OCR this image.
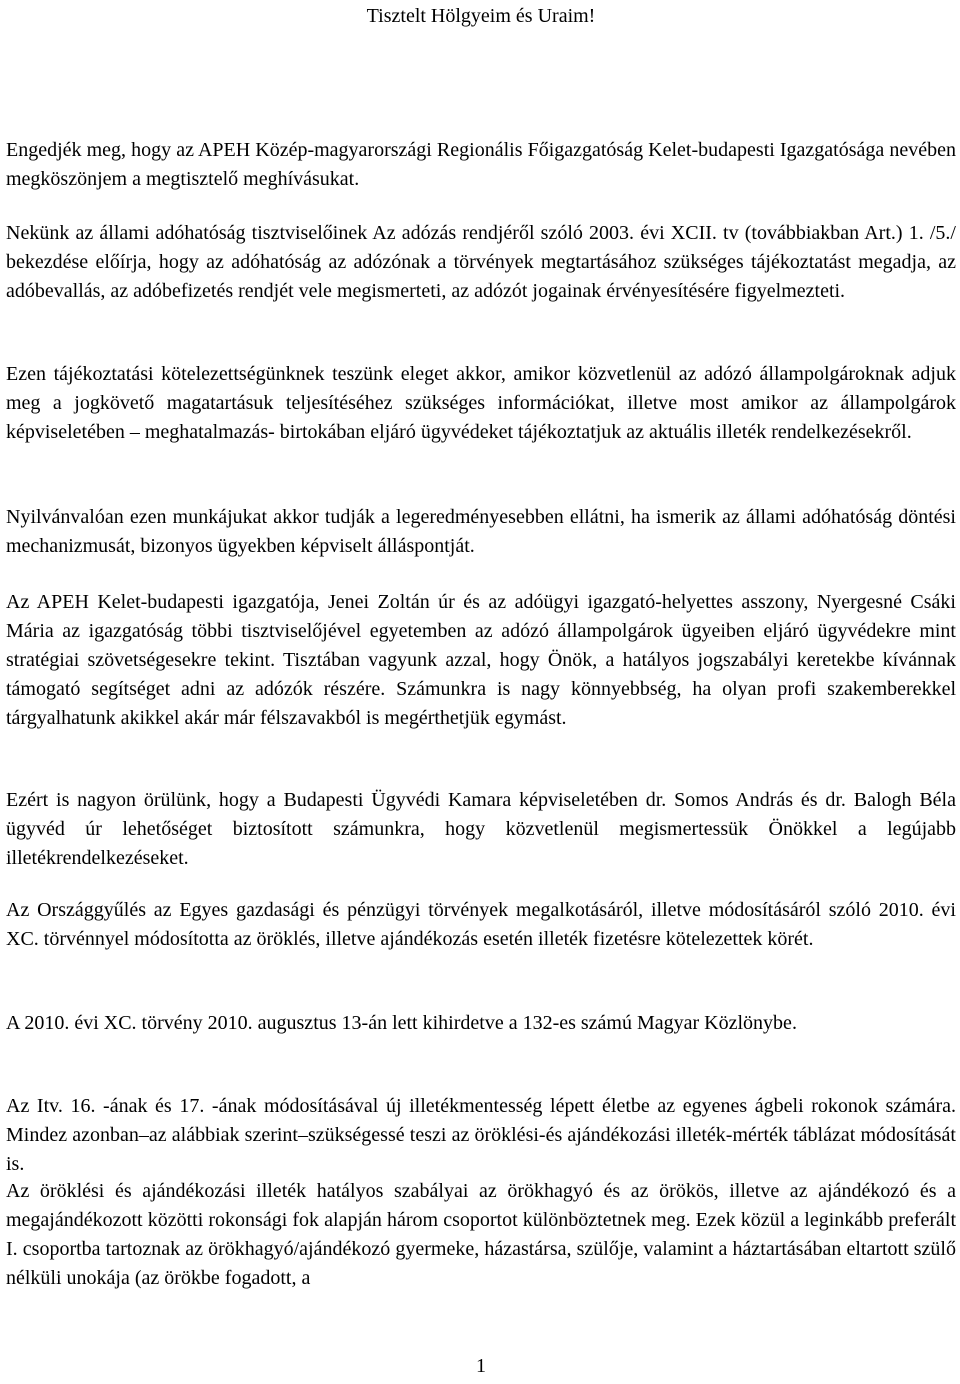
Tisztelt Hölgyeim és Uraim!

Engedjék meg, hogy az APEH Közép-magyarországi Regionális Főigazgatóság Kelet-budapesti Igazgatósága nevében megköszönjem a megtisztelő meghívásukat.

Nekünk az állami adóhatóság tisztviselőinek Az adózás rendjéről szóló 2003. évi XCII. tv (továbbiakban Art.) 1. /5./ bekezdése előírja, hogy az adóhatóság az adózónak a törvények megtartásához szükséges tájékoztatást megadja, az adóbevallás, az adóbefizetés rendjét vele megismerteti, az adózót jogainak érvényesítésére figyelmezteti.

Ezen tájékoztatási kötelezettségünknek teszünk eleget akkor, amikor közvetlenül az adózó állampolgároknak adjuk meg a jogkövető magatartásuk teljesítéséhez szükséges információkat, illetve most amikor az állampolgárok képviseletében – meghatalmazás- birtokában eljáró ügyvédeket tájékoztatjuk az aktuális illeték rendelkezésekről.

Nyilvánvalóan ezen munkájukat akkor tudják a legeredményesebben ellátni, ha ismerik az állami adóhatóság döntési mechanizmusát, bizonyos ügyekben képviselt álláspontját.

Az APEH Kelet-budapesti igazgatója, Jenei Zoltán úr és az adóügyi igazgató-helyettes asszony, Nyergesné Csáki Mária az igazgatóság többi tisztviselőjével egyetemben az adózó állampolgárok ügyeiben eljáró ügyvédekre mint stratégiai szövetségesekre tekint. Tisztában vagyunk azzal, hogy Önök, a hatályos jogszabályi keretekbe kívánnak támogató segítséget adni az adózók részére. Számunkra is nagy könnyebbség, ha olyan profi szakemberekkel tárgyalhatunk akikkel akár már félszavakból is megérthetjük egymást.

Ezért is nagyon örülünk, hogy a Budapesti Ügyvédi Kamara képviseletében dr. Somos András és dr. Balogh Béla ügyvéd úr lehetőséget biztosított számunkra, hogy közvetlenül megismertessük Önökkel a legújabb illetékrendelkezéseket.

Az Országgyűlés az Egyes gazdasági és pénzügyi törvények megalkotásáról, illetve módosításáról szóló 2010. évi XC. törvénnyel módosította az öröklés, illetve ajándékozás esetén illeték fizetésre kötelezettek körét.

A 2010. évi XC. törvény 2010. augusztus 13-án lett kihirdetve a 132-es számú Magyar Közlönybe.

Az Itv. 16. -ának és 17. -ának módosításával új illetékmentesség lépett életbe az egyenes ágbeli rokonok számára. Mindez azonban–az alábbiak szerint–szükségessé teszi az öröklési-és ajándékozási illeték-mérték táblázat módosítását is.

Az öröklési és ajándékozási illeték hatályos szabályai az örökhagyó és az örökös, illetve az ajándékozó és a megajándékozott közötti rokonsági fok alapján három csoportot különböztetnek meg. Ezek közül a leginkább preferált I. csoportba tartoznak az örökhagyó/ajándékozó gyermeke, házastársa, szülője, valamint a háztartásában eltartott szülő nélküli unokája (az örökbe fogadott, a

1
